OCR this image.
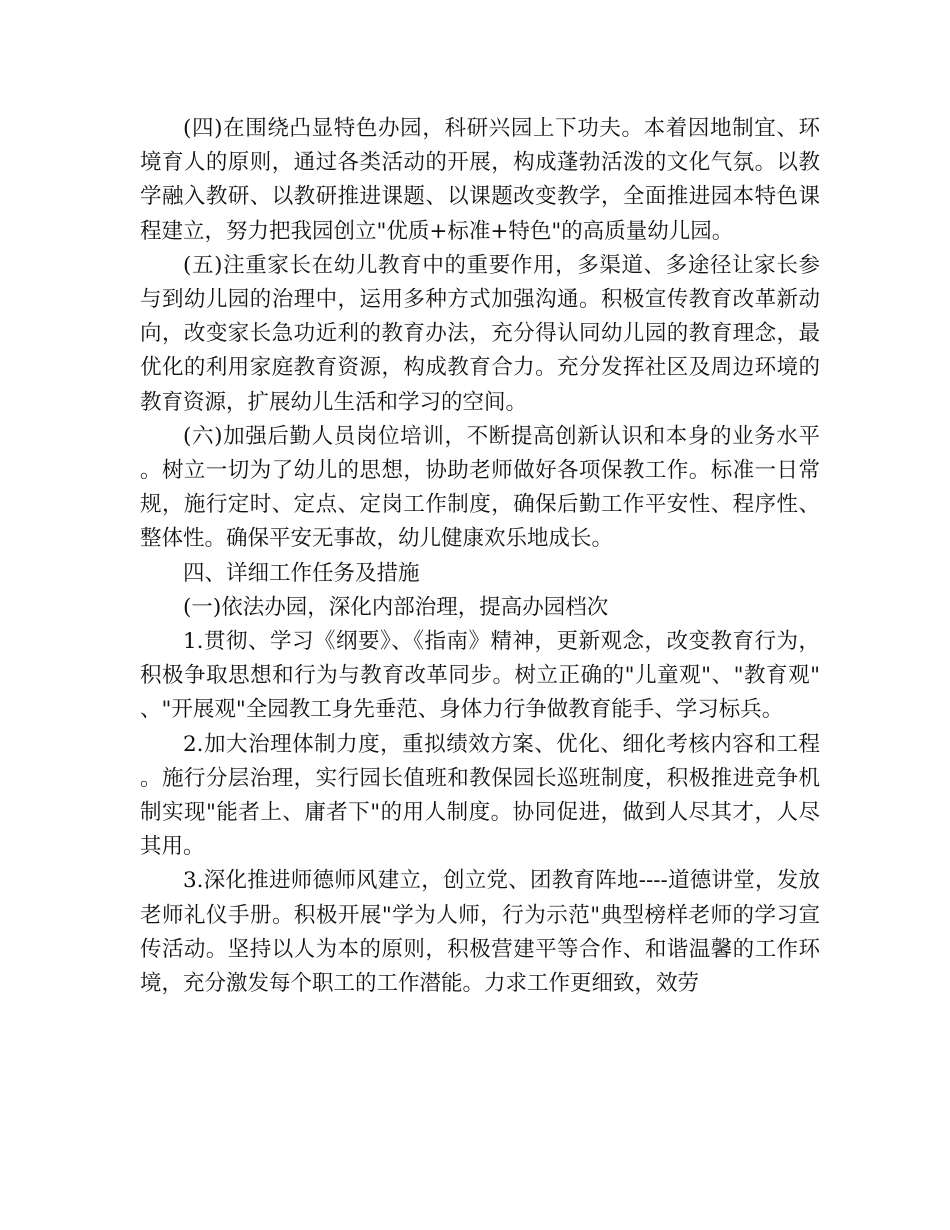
(四)在围绕凸显特色办园，科研兴园上下功夫。本着因地制宜、环境育人的原则，通过各类活动的开展，构成蓬勃活泼的文化气氛。以教学融入教研、以教研推进课题、以课题改变教学，全面推进园本特色课程建立，努力把我园创立"优质+标准+特色"的高质量幼儿园。

(五)注重家长在幼儿教育中的重要作用，多渠道、多途径让家长参与到幼儿园的治理中，运用多种方式加强沟通。积极宣传教育改革新动向，改变家长急功近利的教育办法，充分得认同幼儿园的教育理念，最优化的利用家庭教育资源，构成教育合力。充分发挥社区及周边环境的教育资源，扩展幼儿生活和学习的空间。

(六)加强后勤人员岗位培训，不断提高创新认识和本身的业务水平。树立一切为了幼儿的思想，协助老师做好各项保教工作。标准一日常规，施行定时、定点、定岗工作制度，确保后勤工作平安性、程序性、整体性。确保平安无事故，幼儿健康欢乐地成长。

四、详细工作任务及措施

(一)依法办园，深化内部治理，提高办园档次

1.贯彻、学习《纲要》、《指南》精神，更新观念，改变教育行为，积极争取思想和行为与教育改革同步。树立正确的"儿童观"、"教育观"、"开展观"全园教工身先垂范、身体力行争做教育能手、学习标兵。

2.加大治理体制力度，重拟绩效方案、优化、细化考核内容和工程。施行分层治理，实行园长值班和教保园长巡班制度，积极推进竞争机制实现"能者上、庸者下"的用人制度。协同促进，做到人尽其才，人尽其用。

3.深化推进师德师风建立，创立党、团教育阵地----道德讲堂，发放老师礼仪手册。积极开展"学为人师，行为示范"典型榜样老师的学习宣传活动。坚持以人为本的原则，积极营建平等合作、和谐温馨的工作环境，充分激发每个职工的工作潜能。力求工作更细致，效劳
